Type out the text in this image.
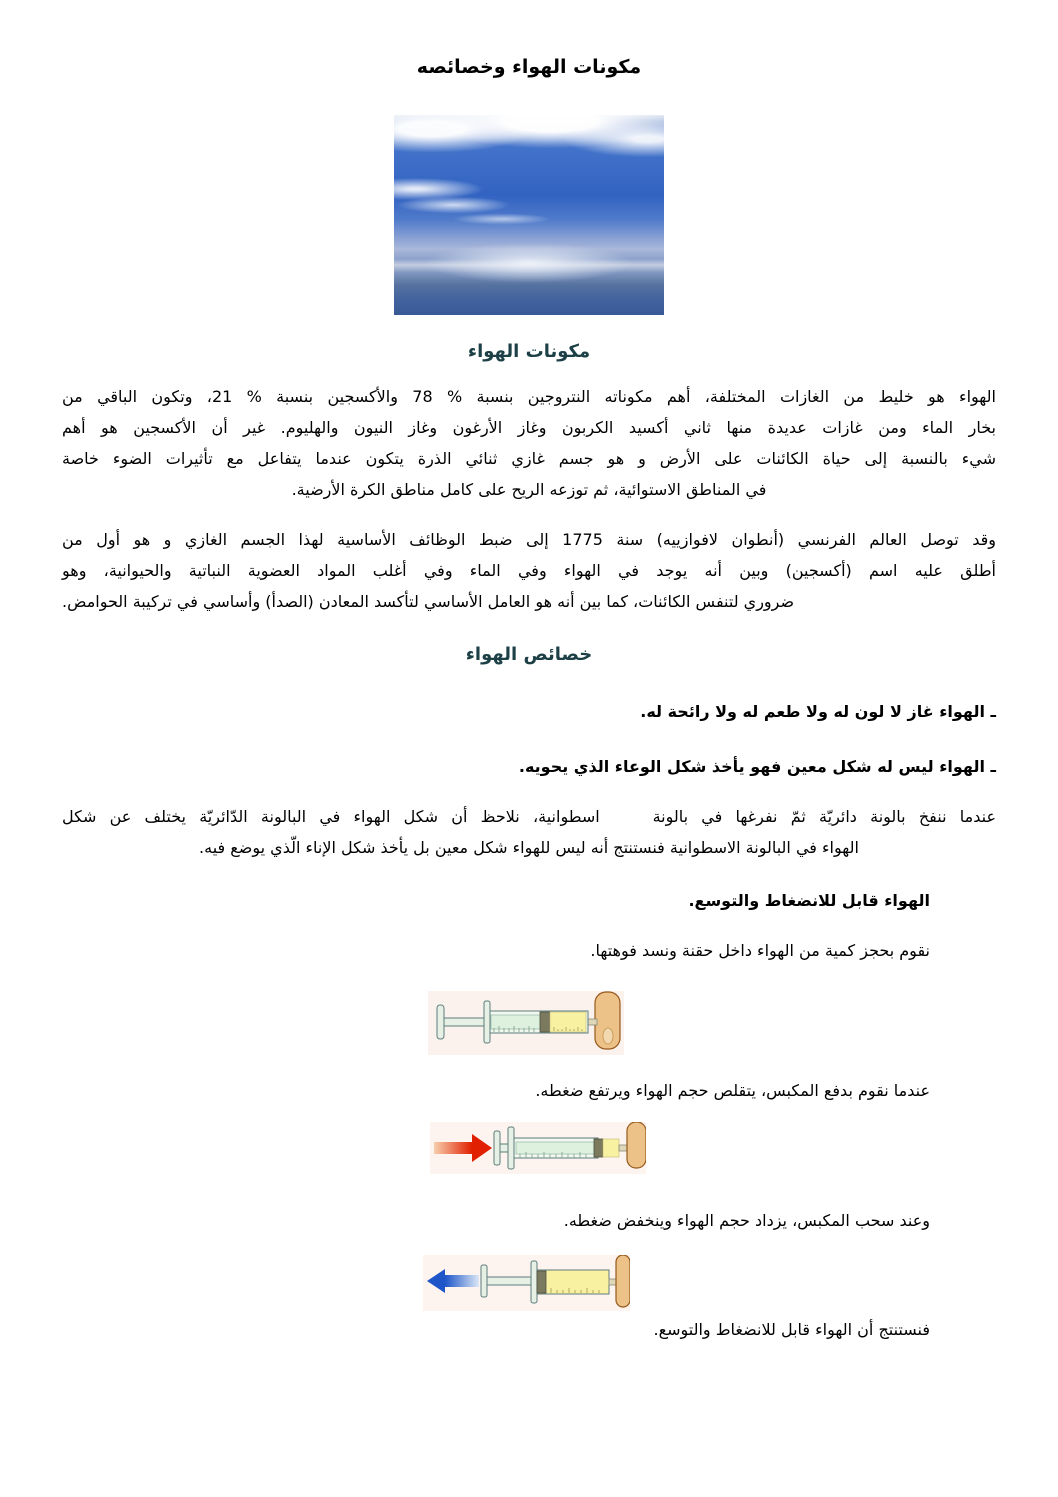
مكونات الهواء وخصائصه
مكونات الهواء
الهواء هو خليط من الغازات المختلفة، أهم مكوناته النتروجين بنسبة ‎78 %‎ والأكسجين بنسبة ‎21 %‎، وتكون الباقي من
بخار الماء ومن غازات عديدة منها ثاني أكسيد الكربون وغاز الأرغون وغاز النيون والهليوم. غير أن الأكسجين هو أهم
شيء بالنسبة إلى حياة الكائنات على الأرض و هو جسم غازي ثنائي الذرة يتكون عندما يتفاعل مع تأثيرات الضوء خاصة
في المناطق الاستوائية، ثم توزعه الريح على كامل مناطق الكرة الأرضية.
وقد توصل العالم الفرنسي (أنطوان لافوازييه) سنة 1775 إلى ضبط الوظائف الأساسية لهذا الجسم الغازي و هو أول من
أطلق عليه اسم (أكسجين) وبين أنه يوجد في الهواء وفي الماء وفي أغلب المواد العضوية النباتية والحيوانية، وهو
ضروري لتنفس الكائنات، كما بين أنه هو العامل الأساسي لتأكسد المعادن (الصدأ) وأساسي في تركيبة الحوامض.
خصائص الهواء
ـ الهواء غاز لا لون له ولا طعم له ولا رائحة له.
ـ الهواء ليس له شكل معين فهو يأخذ شكل الوعاء الذي يحويه.
عندما ننفخ بالونة دائريّة ثمّ نفرغها في بالونة    اسطوانية، نلاحظ أن شكل الهواء في البالونة الدّائريّة يختلف عن شكل
الهواء في البالونة الاسطوانية فنستنتج أنه ليس للهواء شكل معين بل يأخذ شكل الإناء الّذي يوضع فيه.
الهواء قابل للانضغاط والتوسع.
نقوم بحجز كمية من الهواء داخل حقنة ونسد فوهتها.
عندما نقوم بدفع المكبس، يتقلص حجم الهواء ويرتفع ضغطه.
وعند سحب المكبس، يزداد حجم الهواء وينخفض ضغطه.
فنستنتج أن الهواء قابل للانضغاط والتوسع.
